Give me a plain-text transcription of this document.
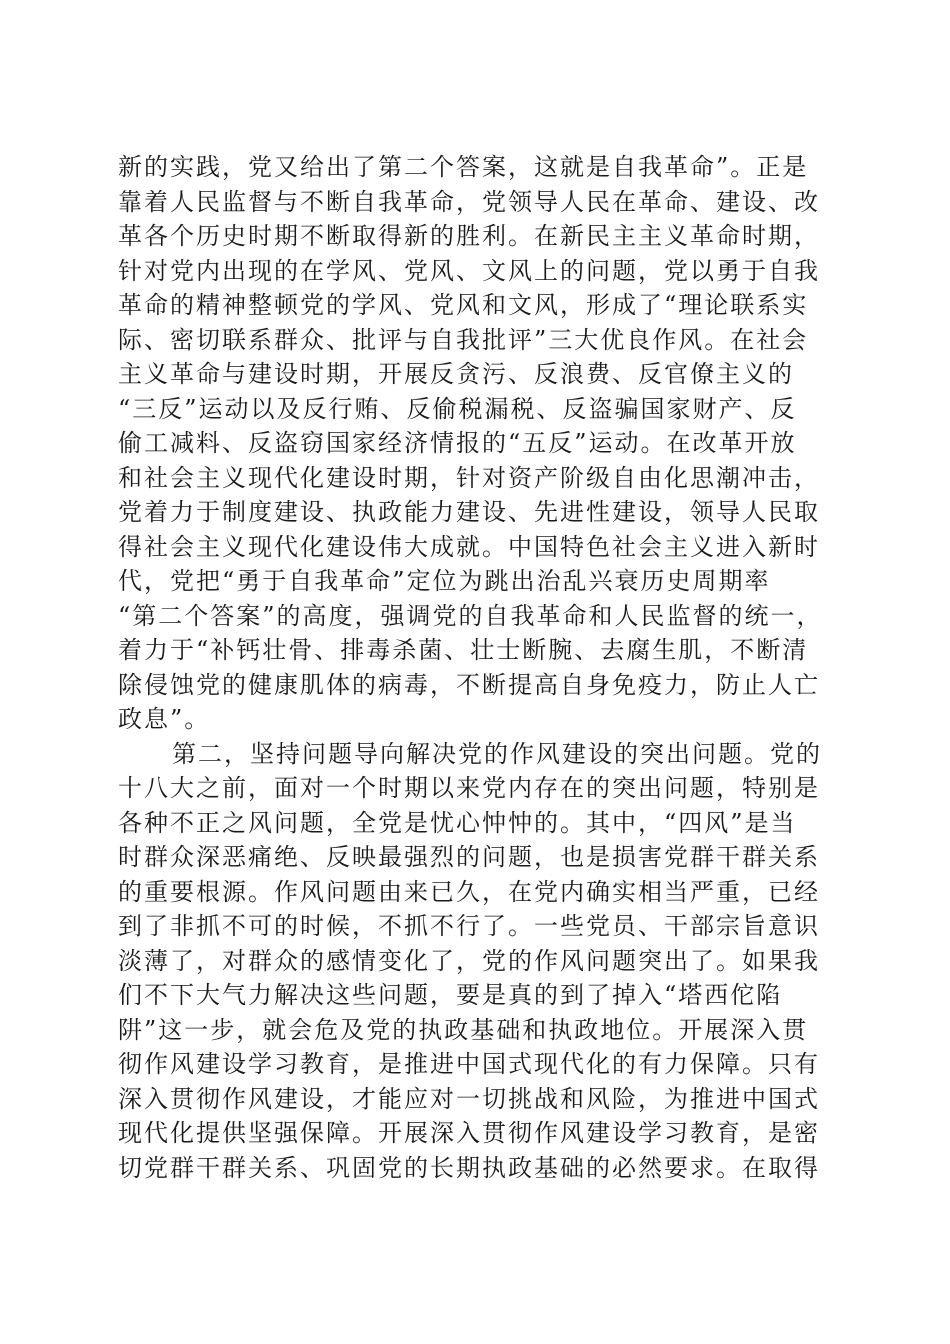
新的实践，党又给出了第二个答案，这就是自我革命”。正是
靠着人民监督与不断自我革命，党领导人民在革命、建设、改
革各个历史时期不断取得新的胜利。在新民主主义革命时期，
针对党内出现的在学风、党风、文风上的问题，党以勇于自我
革命的精神整顿党的学风、党风和文风，形成了“理论联系实
际、密切联系群众、批评与自我批评”三大优良作风。在社会
主义革命与建设时期，开展反贪污、反浪费、反官僚主义的
“三反”运动以及反行贿、反偷税漏税、反盗骗国家财产、反
偷工减料、反盗窃国家经济情报的“五反”运动。在改革开放
和社会主义现代化建设时期，针对资产阶级自由化思潮冲击，
党着力于制度建设、执政能力建设、先进性建设，领导人民取
得社会主义现代化建设伟大成就。中国特色社会主义进入新时
代，党把“勇于自我革命”定位为跳出治乱兴衰历史周期率
“第二个答案”的高度，强调党的自我革命和人民监督的统一，
着力于“补钙壮骨、排毒杀菌、壮士断腕、去腐生肌，不断清
除侵蚀党的健康肌体的病毒，不断提高自身免疫力，防止人亡
政息”。
第二，坚持问题导向解决党的作风建设的突出问题。党的
十八大之前，面对一个时期以来党内存在的突出问题，特别是
各种不正之风问题，全党是忧心忡忡的。其中，“四风”是当
时群众深恶痛绝、反映最强烈的问题，也是损害党群干群关系
的重要根源。作风问题由来已久，在党内确实相当严重，已经
到了非抓不可的时候，不抓不行了。一些党员、干部宗旨意识
淡薄了，对群众的感情变化了，党的作风问题突出了。如果我
们不下大气力解决这些问题，要是真的到了掉入“塔西佗陷
阱”这一步，就会危及党的执政基础和执政地位。开展深入贯
彻作风建设学习教育，是推进中国式现代化的有力保障。只有
深入贯彻作风建设，才能应对一切挑战和风险，为推进中国式
现代化提供坚强保障。开展深入贯彻作风建设学习教育，是密
切党群干群关系、巩固党的长期执政基础的必然要求。在取得
